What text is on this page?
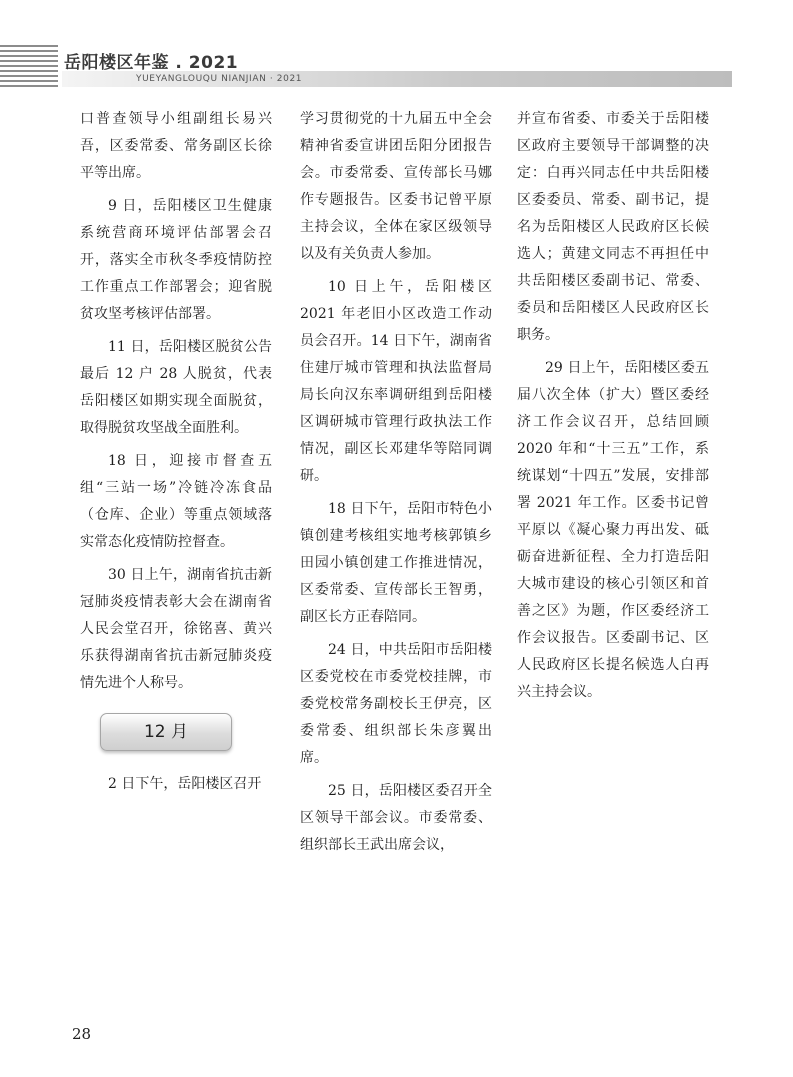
岳阳楼区年鉴 . 2021
YUEYANGLOUQU NIANJIAN · 2021

口普查领导小组副组长易兴吾，区委常委、常务副区长徐平等出席。

9 日，岳阳楼区卫生健康系统营商环境评估部署会召开，落实全市秋冬季疫情防控工作重点工作部署会；迎省脱贫攻坚考核评估部署。

11 日，岳阳楼区脱贫公告最后 12 户 28 人脱贫，代表岳阳楼区如期实现全面脱贫，取得脱贫攻坚战全面胜利。

18 日，迎接市督查五组“三站一场”冷链冷冻食品（仓库、企业）等重点领域落实常态化疫情防控督查。

30 日上午，湖南省抗击新冠肺炎疫情表彰大会在湖南省人民会堂召开，徐铭喜、黄兴乐获得湖南省抗击新冠肺炎疫情先进个人称号。

12 月

2 日下午，岳阳楼区召开

学习贯彻党的十九届五中全会精神省委宣讲团岳阳分团报告会。市委常委、宣传部长马娜作专题报告。区委书记曾平原主持会议，全体在家区级领导以及有关负责人参加。

10 日上午，岳阳楼区 2021 年老旧小区改造工作动员会召开。14 日下午，湖南省住建厅城市管理和执法监督局局长向汉东率调研组到岳阳楼区调研城市管理行政执法工作情况，副区长邓建华等陪同调研。

18 日下午，岳阳市特色小镇创建考核组实地考核郭镇乡田园小镇创建工作推进情况，区委常委、宣传部长王智勇，副区长方正春陪同。

24 日，中共岳阳市岳阳楼区委党校在市委党校挂牌，市委党校常务副校长王伊亮，区委常委、组织部长朱彦翼出席。

25 日，岳阳楼区委召开全区领导干部会议。市委常委、组织部长王武出席会议，

并宣布省委、市委关于岳阳楼区政府主要领导干部调整的决定：白再兴同志任中共岳阳楼区委委员、常委、副书记，提名为岳阳楼区人民政府区长候选人；黄建文同志不再担任中共岳阳楼区委副书记、常委、委员和岳阳楼区人民政府区长职务。

29 日上午，岳阳楼区委五届八次全体（扩大）暨区委经济工作会议召开，总结回顾 2020 年和“十三五”工作，系统谋划“十四五”发展，安排部署 2021 年工作。区委书记曾平原以《凝心聚力再出发、砥砺奋进新征程、全力打造岳阳大城市建设的核心引领区和首善之区》为题，作区委经济工作会议报告。区委副书记、区人民政府区长提名候选人白再兴主持会议。

28
